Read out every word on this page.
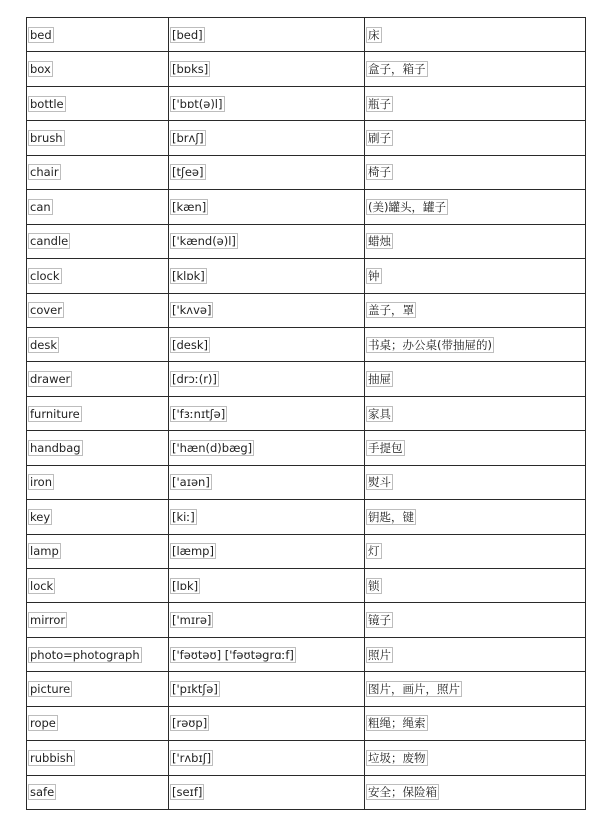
bed	[bed]	床
box	[bɒks]	盒子，箱子
bottle	['bɒt(ə)l]	瓶子
brush	[brʌʃ]	刷子
chair	[tʃeə]	椅子
can	[kæn]	(美)罐头，罐子
candle	['kænd(ə)l]	蜡烛
clock	[klɒk]	钟
cover	['kʌvə]	盖子，罩
desk	[desk]	书桌；办公桌(带抽屉的)
drawer	[drɔː(r)]	抽屉
furniture	['fɜːnɪtʃə]	家具
handbag	['hæn(d)bæg]	手提包
iron	['aɪən]	熨斗
key	[kiː]	钥匙，键
lamp	[læmp]	灯
lock	[lɒk]	锁
mirror	['mɪrə]	镜子
photo=photograph	['fəʊtəʊ] ['fəʊtəgrɑːf]	照片
picture	['pɪktʃə]	图片，画片，照片
rope	[rəʊp]	粗绳；绳索
rubbish	['rʌbɪʃ]	垃圾；废物
safe	[seɪf]	安全；保险箱
